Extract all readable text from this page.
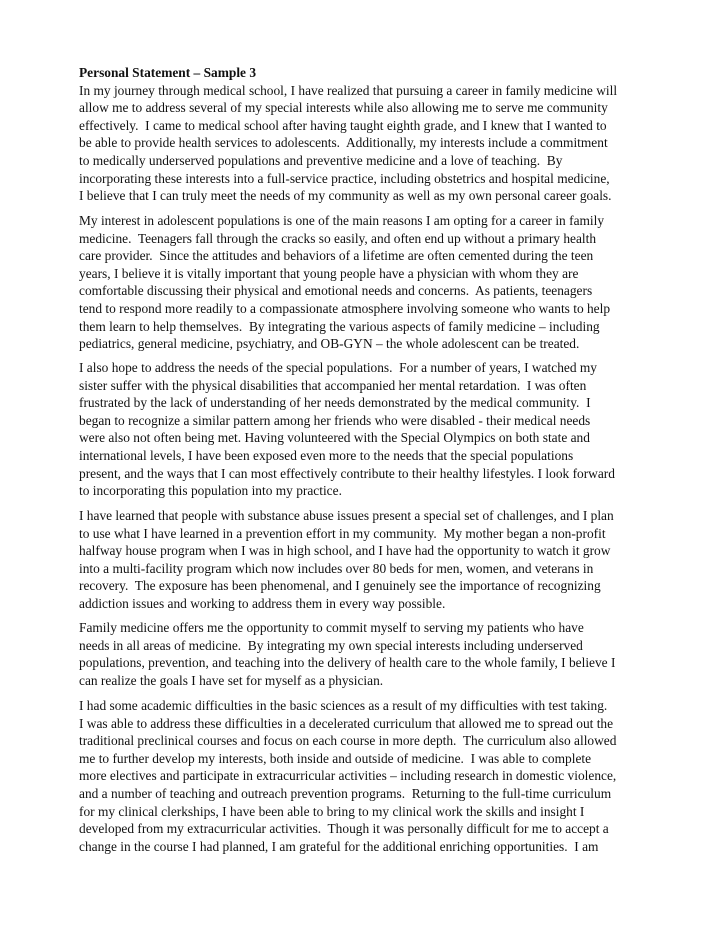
Personal Statement – Sample 3
In my journey through medical school, I have realized that pursuing a career in family medicine will
allow me to address several of my special interests while also allowing me to serve me community
effectively.  I came to medical school after having taught eighth grade, and I knew that I wanted to
be able to provide health services to adolescents.  Additionally, my interests include a commitment
to medically underserved populations and preventive medicine and a love of teaching.  By
incorporating these interests into a full-service practice, including obstetrics and hospital medicine,
I believe that I can truly meet the needs of my community as well as my own personal career goals.
My interest in adolescent populations is one of the main reasons I am opting for a career in family
medicine.  Teenagers fall through the cracks so easily, and often end up without a primary health
care provider.  Since the attitudes and behaviors of a lifetime are often cemented during the teen
years, I believe it is vitally important that young people have a physician with whom they are
comfortable discussing their physical and emotional needs and concerns.  As patients, teenagers
tend to respond more readily to a compassionate atmosphere involving someone who wants to help
them learn to help themselves.  By integrating the various aspects of family medicine – including
pediatrics, general medicine, psychiatry, and OB-GYN – the whole adolescent can be treated.
I also hope to address the needs of the special populations.  For a number of years, I watched my
sister suffer with the physical disabilities that accompanied her mental retardation.  I was often
frustrated by the lack of understanding of her needs demonstrated by the medical community.  I
began to recognize a similar pattern among her friends who were disabled - their medical needs
were also not often being met. Having volunteered with the Special Olympics on both state and
international levels, I have been exposed even more to the needs that the special populations
present, and the ways that I can most effectively contribute to their healthy lifestyles. I look forward
to incorporating this population into my practice.
I have learned that people with substance abuse issues present a special set of challenges, and I plan
to use what I have learned in a prevention effort in my community.  My mother began a non-profit
halfway house program when I was in high school, and I have had the opportunity to watch it grow
into a multi-facility program which now includes over 80 beds for men, women, and veterans in
recovery.  The exposure has been phenomenal, and I genuinely see the importance of recognizing
addiction issues and working to address them in every way possible.
Family medicine offers me the opportunity to commit myself to serving my patients who have
needs in all areas of medicine.  By integrating my own special interests including underserved
populations, prevention, and teaching into the delivery of health care to the whole family, I believe I
can realize the goals I have set for myself as a physician.
I had some academic difficulties in the basic sciences as a result of my difficulties with test taking.
I was able to address these difficulties in a decelerated curriculum that allowed me to spread out the
traditional preclinical courses and focus on each course in more depth.  The curriculum also allowed
me to further develop my interests, both inside and outside of medicine.  I was able to complete
more electives and participate in extracurricular activities – including research in domestic violence,
and a number of teaching and outreach prevention programs.  Returning to the full-time curriculum
for my clinical clerkships, I have been able to bring to my clinical work the skills and insight I
developed from my extracurricular activities.  Though it was personally difficult for me to accept a
change in the course I had planned, I am grateful for the additional enriching opportunities.  I am
